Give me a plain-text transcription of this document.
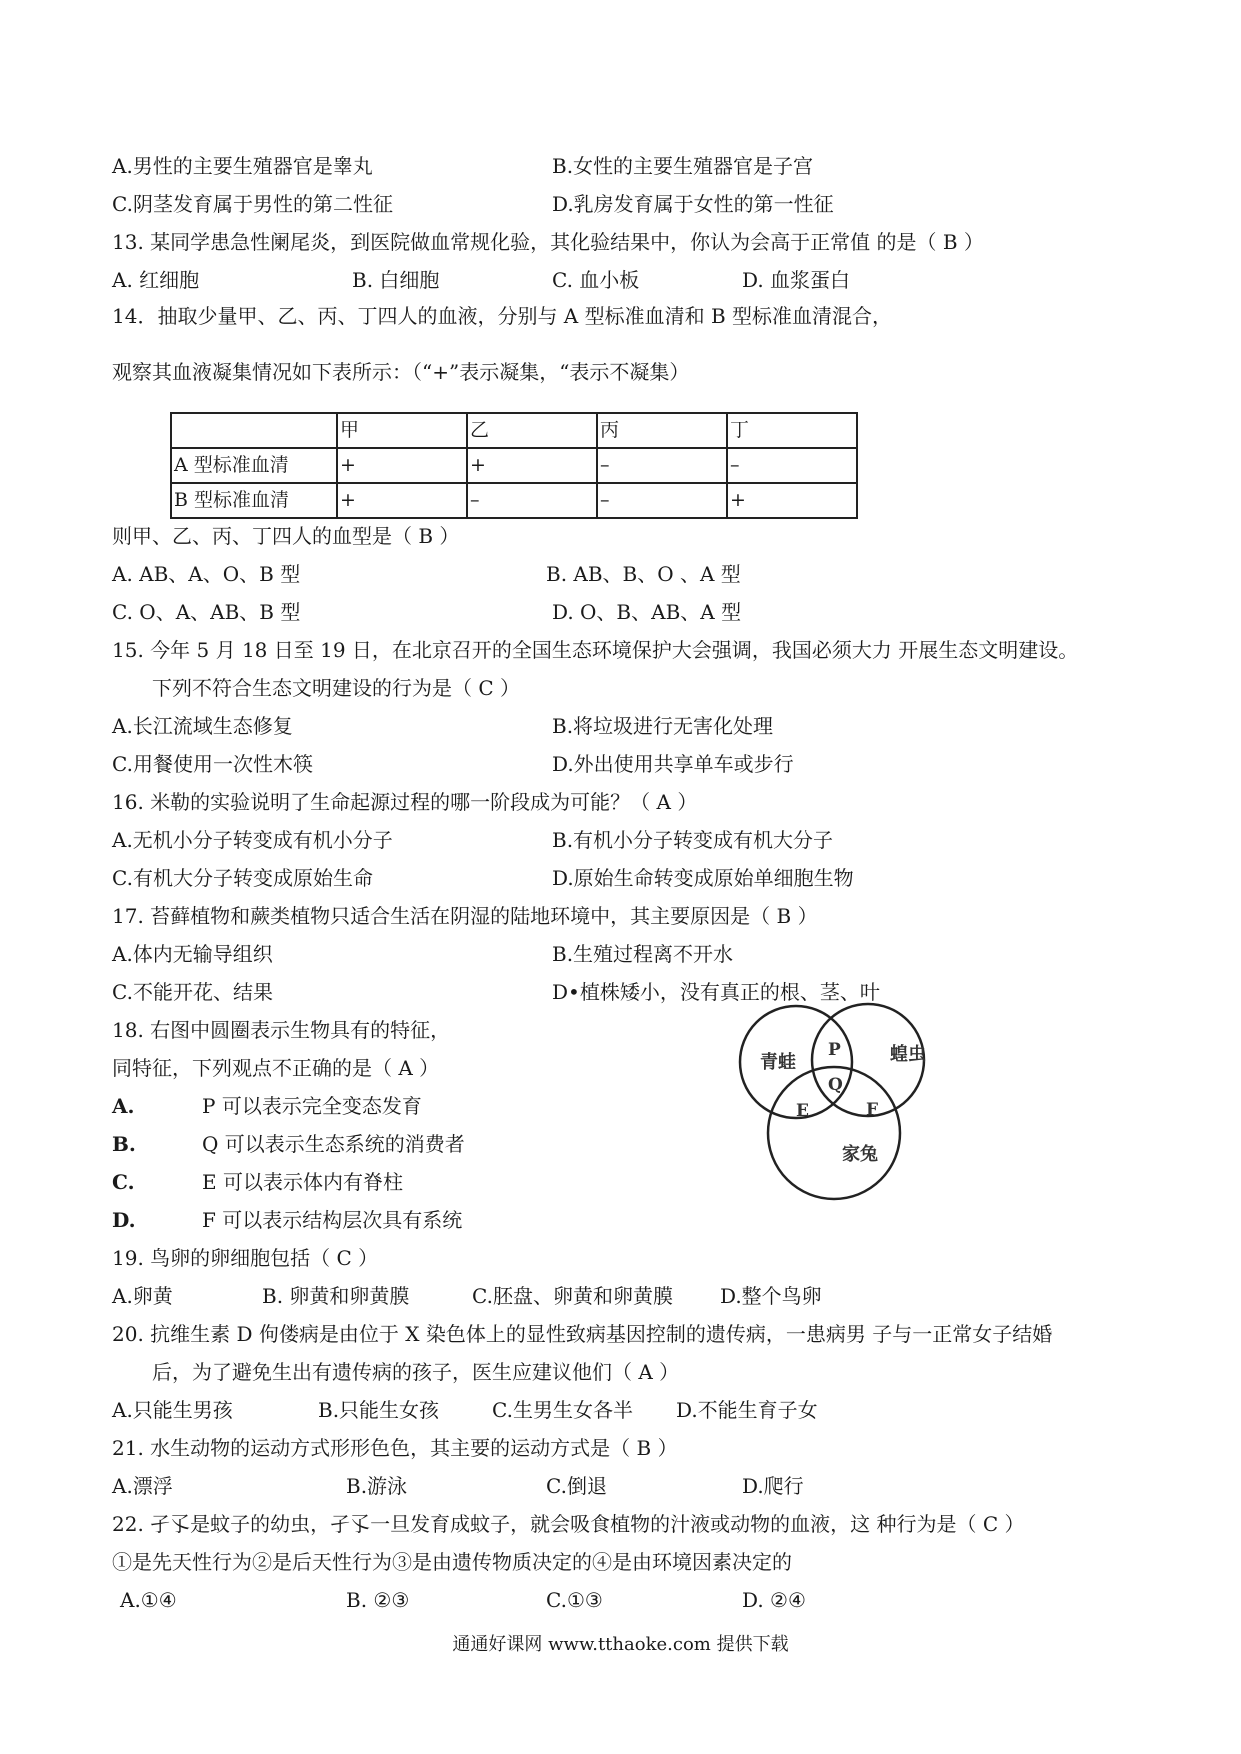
A.男性的主要生殖器官是睾丸	B.女性的主要生殖器官是子宫
C.阴茎发育属于男性的第二性征	D.乳房发育属于女性的第一性征
13. 某同学患急性阑尾炎，到医院做血常规化验，其化验结果中，你认为会高于正常值 的是（ B ）
A. 红细胞	B. 白细胞	C. 血小板	D. 血浆蛋白
14．抽取少量甲、乙、丙、丁四人的血液，分别与 A 型标准血清和 B 型标准血清混合，
观察其血液凝集情况如下表所示：（“+”表示凝集，“表示不凝集）
	甲	乙	丙	丁
A 型标准血清	+	+	–	–
B 型标准血清	+	–	–	+
则甲、乙、丙、丁四人的血型是（ B ）
A. AB、A、O、B 型	B. AB、B、O 、A 型
C. O、A、AB、B 型	D. O、B、AB、A 型
15. 今年 5 月 18 日至 19 日，在北京召开的全国生态环境保护大会强调，我国必须大力 开展生态文明建设。
下列不符合生态文明建设的行为是（ C ）
A.长江流域生态修复	B.将垃圾进行无害化处理
C.用餐使用一次性木筷	D.外出使用共享单车或步行
16. 米勒的实验说明了生命起源过程的哪一阶段成为可能？（ A ）
A.无机小分子转变成有机小分子	B.有机小分子转变成有机大分子
C.有机大分子转变成原始生命	D.原始生命转变成原始单细胞生物
17. 苔藓植物和蕨类植物只适合生活在阴湿的陆地环境中，其主要原因是（ B ）
A.体内无输导组织	B.生殖过程离不开水
C.不能开花、结果	D•植株矮小，没有真正的根、茎、叶
18. 右图中圆圈表示生物具有的特征，
同特征，下列观点不正确的是（ A ）
A.	P 可以表示完全变态发育
B.	Q 可以表示生态系统的消费者
C.	E 可以表示体内有脊柱
D.	F 可以表示结构层次具有系统
青蛙	蝗虫
家兔
P
Q
E	F
19. 鸟卵的卵细胞包括（ C ）
A.卵黄	B. 卵黄和卵黄膜	C.胚盘、卵黄和卵黄膜 D.整个鸟卵
20. 抗维生素 D 佝偻病是由位于 X 染色体上的显性致病基因控制的遗传病，一患病男 子与一正常女子结婚
后，为了避免生出有遗传病的孩子，医生应建议他们（ A ）
A.只能生男孩	B.只能生女孩	C.生男生女各半 D.不能生育子女
21. 水生动物的运动方式形形色色，其主要的运动方式是（ B ）
A.漂浮	B.游泳	C.倒退	D.爬行
22. 孑孓是蚊子的幼虫，孑孓一旦发育成蚊子，就会吸食植物的汁液或动物的血液，这 种行为是（ C ）
①是先天性行为②是后天性行为③是由遗传物质决定的④是由环境因素决定的
A.①④	B. ②③	C.①③	D. ②④
通通好课网 www.tthaoke.com 提供下载
